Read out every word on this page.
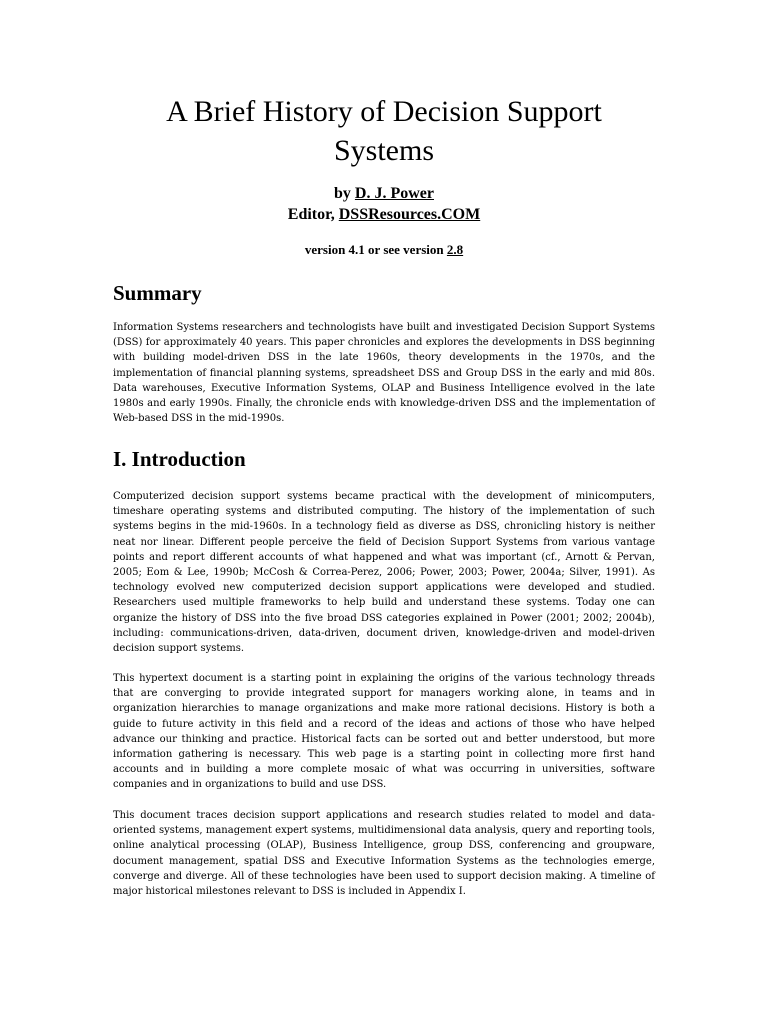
A Brief History of Decision Support Systems
by D. J. Power
Editor, DSSResources.COM
version 4.1 or see version 2.8
Summary

Information Systems researchers and technologists have built and investigated Decision Support Systems (DSS) for approximately 40 years. This paper chronicles and explores the developments in DSS beginning with building model-driven DSS in the late 1960s, theory developments in the 1970s, and the implementation of financial planning systems, spreadsheet DSS and Group DSS in the early and mid 80s. Data warehouses, Executive Information Systems, OLAP and Business Intelligence evolved in the late 1980s and early 1990s. Finally, the chronicle ends with knowledge-driven DSS and the implementation of Web-based DSS in the mid-1990s.

I. Introduction

Computerized decision support systems became practical with the development of minicomputers, timeshare operating systems and distributed computing. The history of the implementation of such systems begins in the mid-1960s. In a technology field as diverse as DSS, chronicling history is neither neat nor linear. Different people perceive the field of Decision Support Systems from various vantage points and report different accounts of what happened and what was important (cf., Arnott & Pervan, 2005; Eom & Lee, 1990b; McCosh & Correa-Perez, 2006; Power, 2003; Power, 2004a; Silver, 1991). As technology evolved new computerized decision support applications were developed and studied. Researchers used multiple frameworks to help build and understand these systems. Today one can organize the history of DSS into the five broad DSS categories explained in Power (2001; 2002; 2004b), including: communications-driven, data-driven, document driven, knowledge-driven and model-driven decision support systems.

This hypertext document is a starting point in explaining the origins of the various technology threads that are converging to provide integrated support for managers working alone, in teams and in organization hierarchies to manage organizations and make more rational decisions. History is both a guide to future activity in this field and a record of the ideas and actions of those who have helped advance our thinking and practice. Historical facts can be sorted out and better understood, but more information gathering is necessary. This web page is a starting point in collecting more first hand accounts and in building a more complete mosaic of what was occurring in universities, software companies and in organizations to build and use DSS.

This document traces decision support applications and research studies related to model and data-oriented systems, management expert systems, multidimensional data analysis, query and reporting tools, online analytical processing (OLAP), Business Intelligence, group DSS, conferencing and groupware, document management, spatial DSS and Executive Information Systems as the technologies emerge, converge and diverge. All of these technologies have been used to support decision making. A timeline of major historical milestones relevant to DSS is included in Appendix I.
